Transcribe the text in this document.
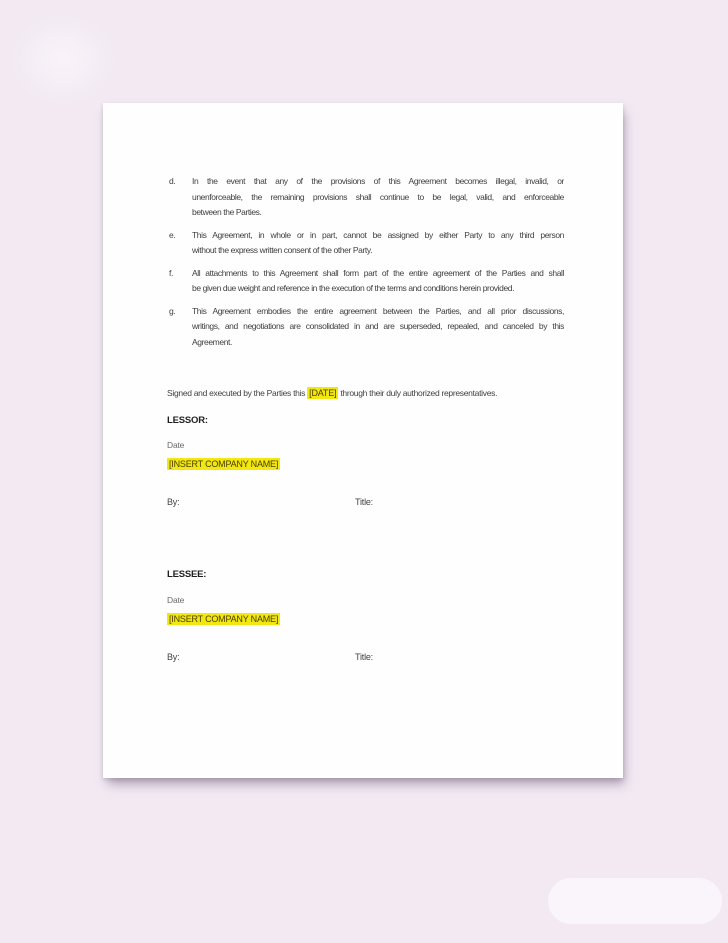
d.	In the event that any of the provisions of this Agreement becomes illegal, invalid, or
unenforceable, the remaining provisions shall continue to be legal, valid, and enforceable
between the Parties.
e.	This Agreement, in whole or in part, cannot be assigned by either Party to any third person
without the express written consent of the other Party.
f.	All attachments to this Agreement shall form part of the entire agreement of the Parties and shall
be given due weight and reference in the execution of the terms and conditions herein provided.
g.	This Agreement embodies the entire agreement between the Parties, and all prior discussions,
writings, and negotiations are consolidated in and are superseded, repealed, and canceled by this
Agreement.
Signed and executed by the Parties this [DATE] through their duly authorized representatives.
LESSOR:
Date
[INSERT COMPANY NAME]
By:	Title:
LESSEE:
Date
[INSERT COMPANY NAME]
By:	Title:
